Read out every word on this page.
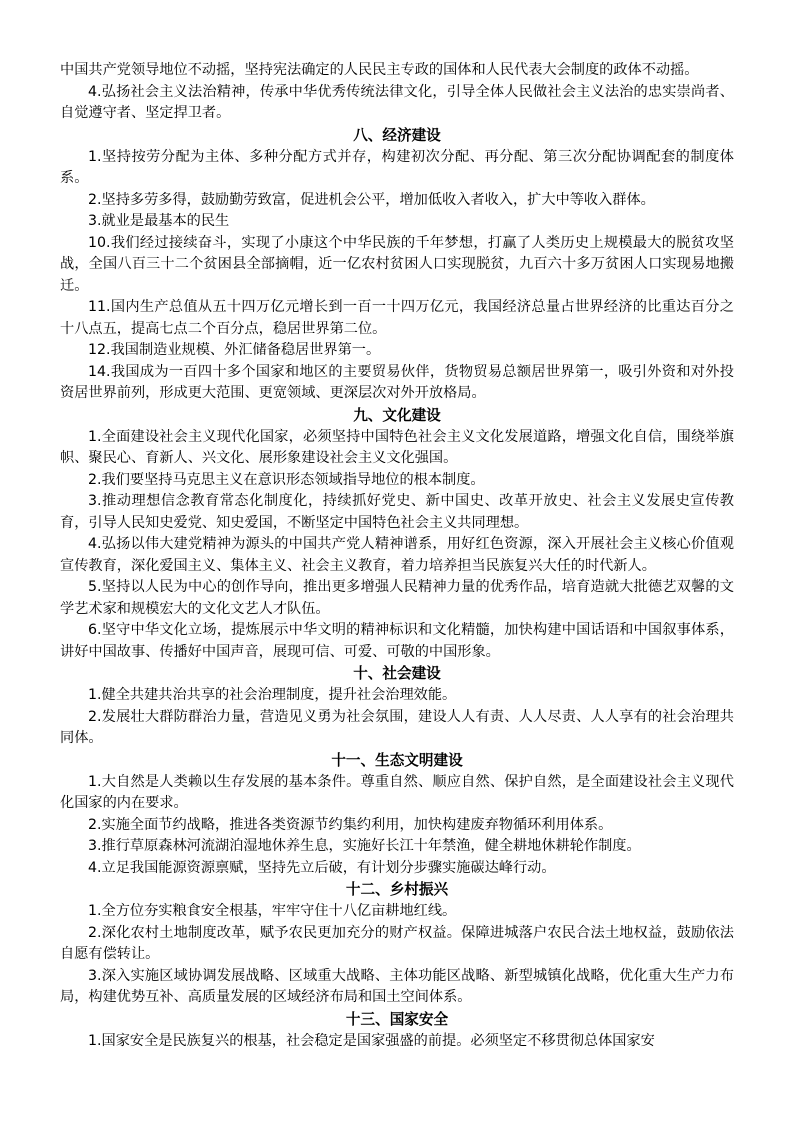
中国共产党领导地位不动摇，坚持宪法确定的人民民主专政的国体和人民代表大会制度的政体不动摇。
4.弘扬社会主义法治精神，传承中华优秀传统法律文化，引导全体人民做社会主义法治的忠实崇尚者、自觉遵守者、坚定捍卫者。
八、经济建设
1.坚持按劳分配为主体、多种分配方式并存，构建初次分配、再分配、第三次分配协调配套的制度体系。
2.坚持多劳多得，鼓励勤劳致富，促进机会公平，增加低收入者收入，扩大中等收入群体。
3.就业是最基本的民生
10.我们经过接续奋斗，实现了小康这个中华民族的千年梦想，打赢了人类历史上规模最大的脱贫攻坚战，全国八百三十二个贫困县全部摘帽，近一亿农村贫困人口实现脱贫，九百六十多万贫困人口实现易地搬迁。
11.国内生产总值从五十四万亿元增长到一百一十四万亿元，我国经济总量占世界经济的比重达百分之十八点五，提高七点二个百分点，稳居世界第二位。
12.我国制造业规模、外汇储备稳居世界第一。
14.我国成为一百四十多个国家和地区的主要贸易伙伴，货物贸易总额居世界第一，吸引外资和对外投资居世界前列，形成更大范围、更宽领域、更深层次对外开放格局。
九、文化建设
1.全面建设社会主义现代化国家，必须坚持中国特色社会主义文化发展道路，增强文化自信，围绕举旗帜、聚民心、育新人、兴文化、展形象建设社会主义文化强国。
2.我们要坚持马克思主义在意识形态领域指导地位的根本制度。
3.推动理想信念教育常态化制度化，持续抓好党史、新中国史、改革开放史、社会主义发展史宣传教育，引导人民知史爱党、知史爱国，不断坚定中国特色社会主义共同理想。
4.弘扬以伟大建党精神为源头的中国共产党人精神谱系，用好红色资源，深入开展社会主义核心价值观宣传教育，深化爱国主义、集体主义、社会主义教育，着力培养担当民族复兴大任的时代新人。
5.坚持以人民为中心的创作导向，推出更多增强人民精神力量的优秀作品，培育造就大批德艺双馨的文学艺术家和规模宏大的文化文艺人才队伍。
6.坚守中华文化立场，提炼展示中华文明的精神标识和文化精髓，加快构建中国话语和中国叙事体系，讲好中国故事、传播好中国声音，展现可信、可爱、可敬的中国形象。
十、社会建设
1.健全共建共治共享的社会治理制度，提升社会治理效能。
2.发展壮大群防群治力量，营造见义勇为社会氛围，建设人人有责、人人尽责、人人享有的社会治理共同体。
十一、生态文明建设
1.大自然是人类赖以生存发展的基本条件。尊重自然、顺应自然、保护自然，是全面建设社会主义现代化国家的内在要求。
2.实施全面节约战略，推进各类资源节约集约利用，加快构建废弃物循环利用体系。
3.推行草原森林河流湖泊湿地休养生息，实施好长江十年禁渔，健全耕地休耕轮作制度。
4.立足我国能源资源禀赋，坚持先立后破，有计划分步骤实施碳达峰行动。
十二、乡村振兴
1.全方位夯实粮食安全根基，牢牢守住十八亿亩耕地红线。
2.深化农村土地制度改革，赋予农民更加充分的财产权益。保障进城落户农民合法土地权益，鼓励依法自愿有偿转让。
3.深入实施区域协调发展战略、区域重大战略、主体功能区战略、新型城镇化战略，优化重大生产力布局，构建优势互补、高质量发展的区域经济布局和国土空间体系。
十三、国家安全
1.国家安全是民族复兴的根基，社会稳定是国家强盛的前提。必须坚定不移贯彻总体国家安
